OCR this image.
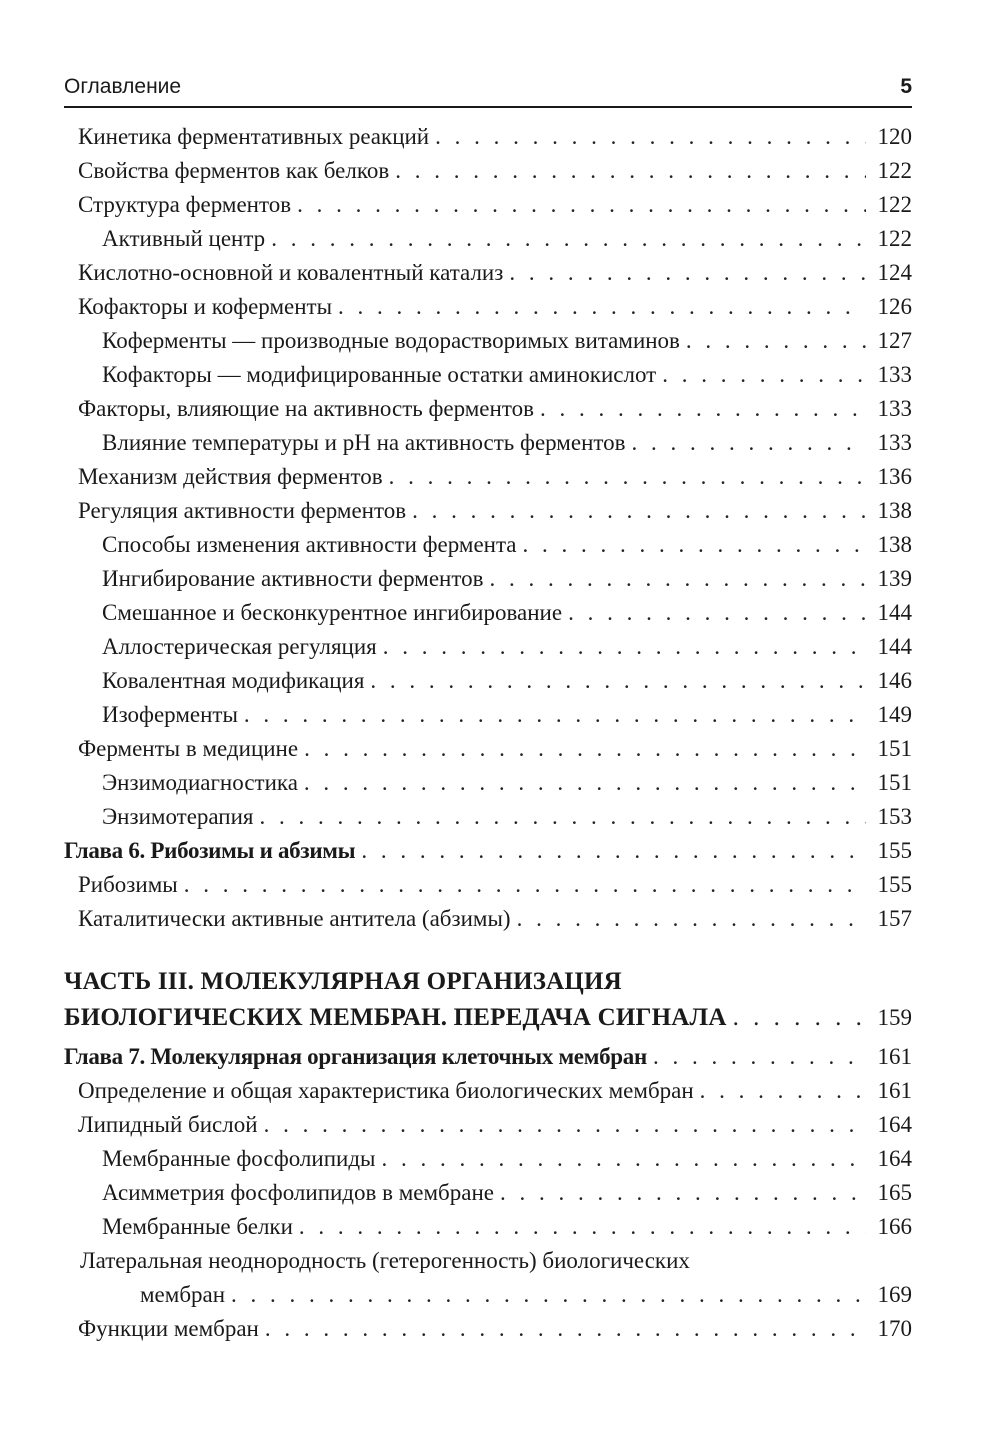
Оглавление	5
Кинетика ферментативных реакций . . .	120
Свойства ферментов как белков . . .	122
Структура ферментов . . .	122
Активный центр . . .	122
Кислотно-основной и ковалентный катализ . . .	124
Кофакторы и коферменты . . .	126
Коферменты — производные водорастворимых витаминов . . .	127
Кофакторы — модифицированные остатки аминокислот . . .	133
Факторы, влияющие на активность ферментов . . .	133
Влияние температуры и pH на активность ферментов . . .	133
Механизм действия ферментов . . .	136
Регуляция активности ферментов . . .	138
Способы изменения активности фермента . . .	138
Ингибирование активности ферментов . . .	139
Смешанное и бесконкурентное ингибирование . . .	144
Аллостерическая регуляция . . .	144
Ковалентная модификация . . .	146
Изоферменты . . .	149
Ферменты в медицине . . .	151
Энзимодиагностика . . .	151
Энзимотерапия . . .	153
Глава 6. Рибозимы и абзимы . . .	155
Рибозимы . . .	155
Каталитически активные антитела (абзимы) . . .	157
ЧАСТЬ III. МОЛЕКУЛЯРНАЯ ОРГАНИЗАЦИЯ
БИОЛОГИЧЕСКИХ МЕМБРАН. ПЕРЕДАЧА СИГНАЛА . . .	159
Глава 7. Молекулярная организация клеточных мембран . . .	161
Определение и общая характеристика биологических мембран . . .	161
Липидный бислой . . .	164
Мембранные фосфолипиды . . .	164
Асимметрия фосфолипидов в мембране . . .	165
Мембранные белки . . .	166
Латеральная неоднородность (гетерогенность) биологических
мембран . . .	169
Функции мембран . . .	170
